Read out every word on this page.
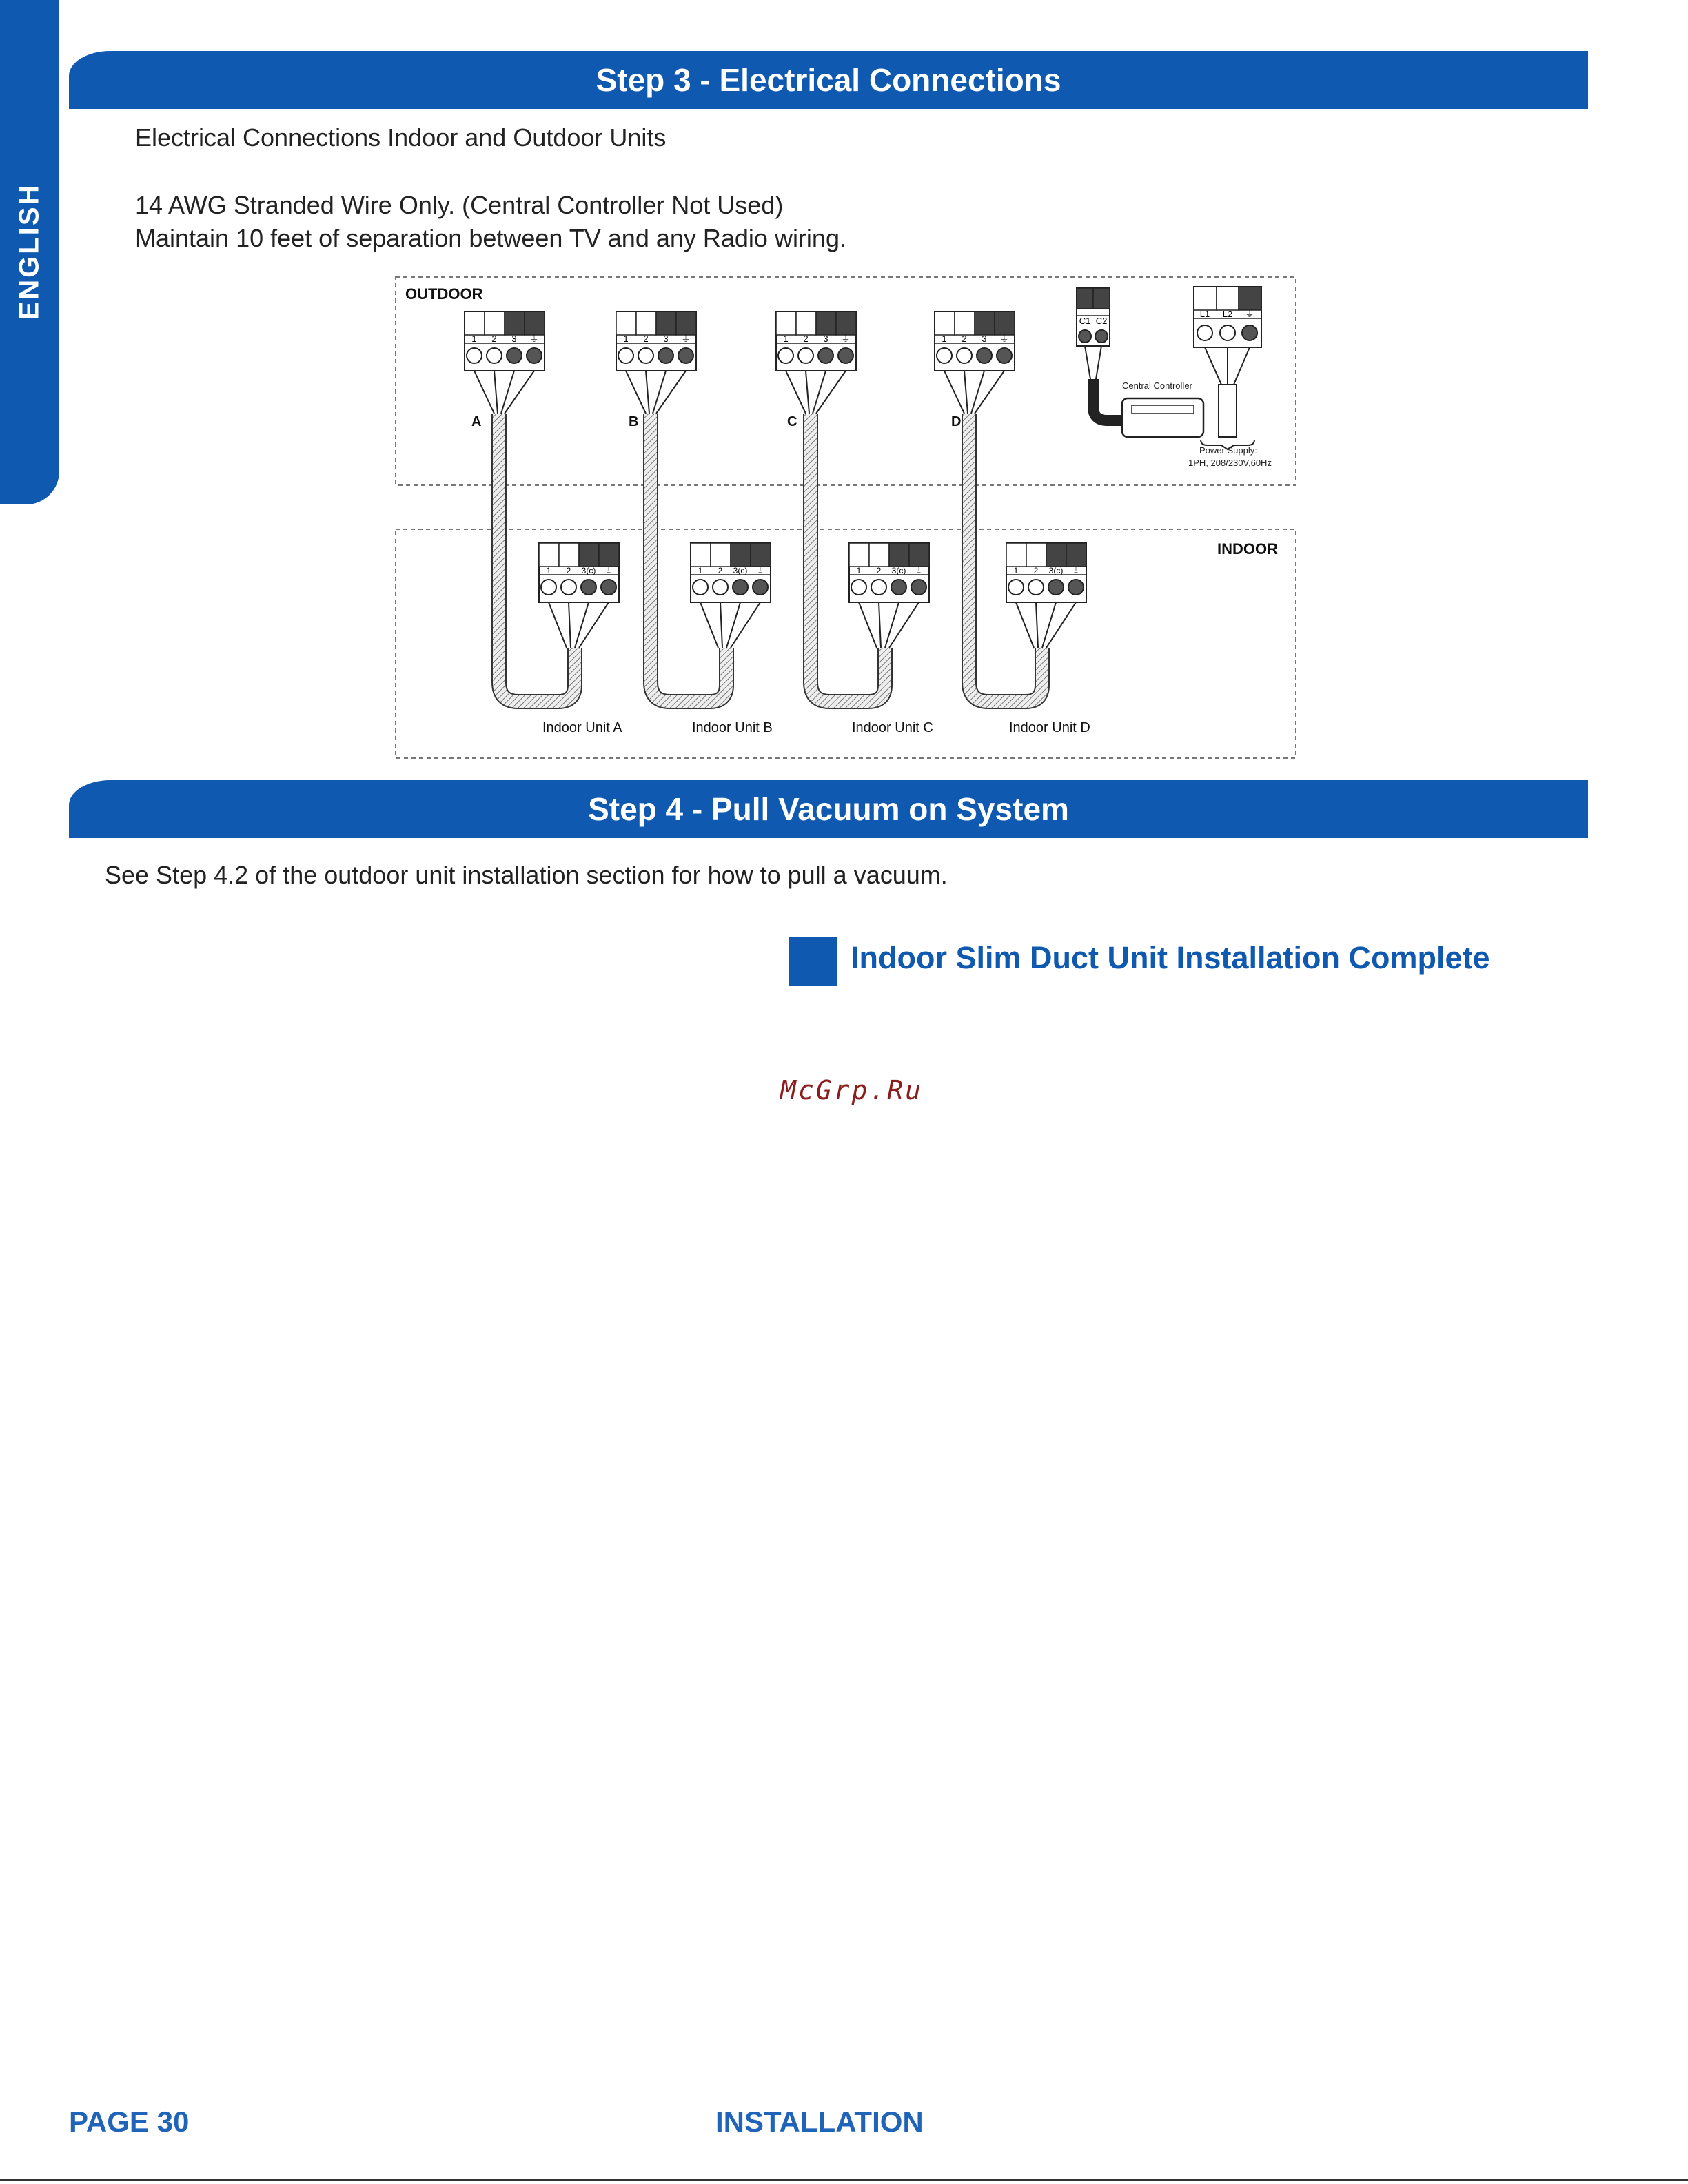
ENGLISH
Step 3 - Electrical Connections
Electrical Connections Indoor and Outdoor Units
14 AWG Stranded Wire Only. (Central Controller Not Used)
Maintain 10 feet of separation between TV and any Radio wiring.
OUTDOOR
INDOOR
1 2 3 ⏚
A
1 2 3 ⏚
B
1 2 3 ⏚
C
1 2 3 ⏚
D
1 2 3(c) ⏚
Indoor Unit A
1 2 3(c) ⏚
Indoor Unit B
1 2 3(c) ⏚
Indoor Unit C
1 2 3(c) ⏚
Indoor Unit D
C1 C2
Central Controller
L1 L2 ⏚
Power Supply:
1PH, 208/230V,60Hz
Step 4 - Pull Vacuum on System
See Step 4.2 of the outdoor unit installation section for how to pull a vacuum.
Indoor Slim Duct Unit Installation Complete
McGrp.Ru
PAGE 30	INSTALLATION
